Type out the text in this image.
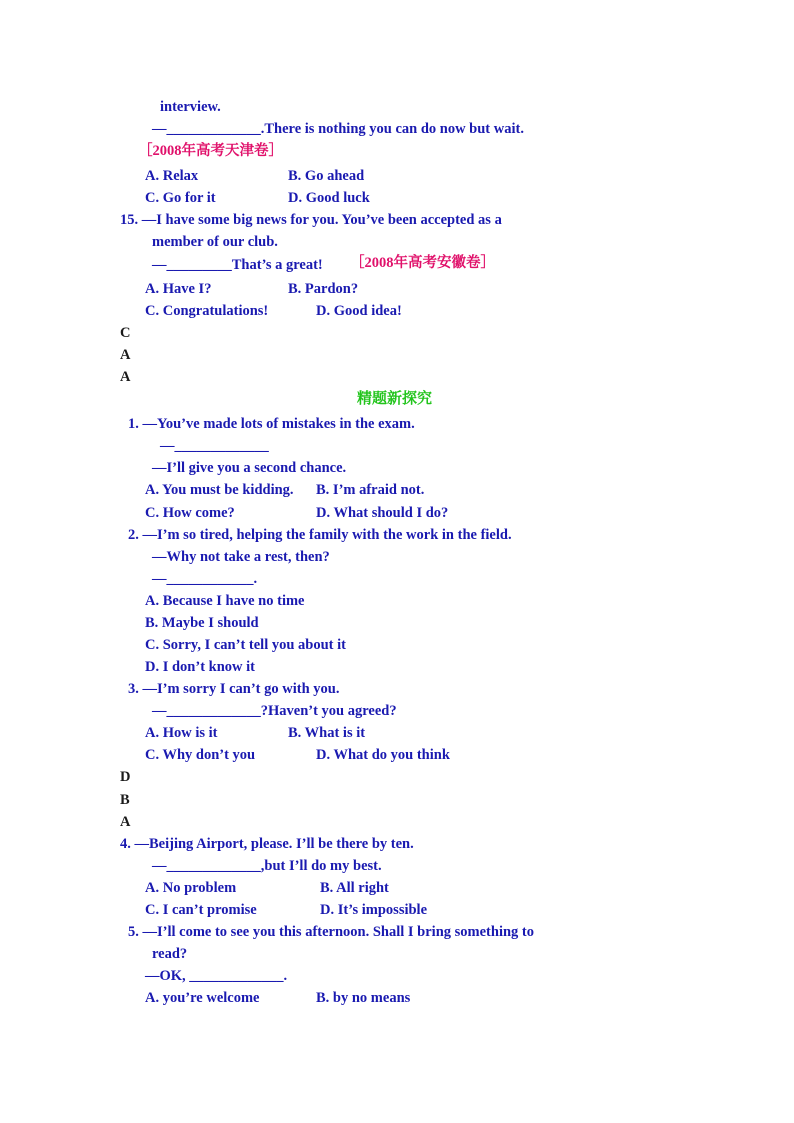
interview.
—_____________.There is nothing you can do now but wait.
［2008年高考天津卷］
A. Relax	B. Go ahead
C. Go for it	D. Good luck
15. —I have some big news for you. You’ve been accepted as a
member of our club.
—_________That’s a great! ［2008年高考安徽卷］
A. Have I?	B. Pardon?
C. Congratulations!	D. Good idea!
C
A
A
精题新探究
1. —You’ve made lots of mistakes in the exam.
—_____________
—I’ll give you a second chance.
A. You must be kidding. B. I’m afraid not.
C. How come?	D. What should I do?
2. —I’m so tired, helping the family with the work in the field.
—Why not take a rest, then?
—____________.
A. Because I have no time
B. Maybe I should
C. Sorry, I can’t tell you about it
D. I don’t know it
3. —I’m sorry I can’t go with you.
—_____________?Haven’t you agreed?
A. How is it	B. What is it
C. Why don’t you	D. What do you think
D
B
A
4. —Beijing Airport, please. I’ll be there by ten.
—_____________,but I’ll do my best.
A. No problem	B. All right
C. I can’t promise	D. It’s impossible
5. —I’ll come to see you this afternoon. Shall I bring something to
read?
—OK, _____________.
A. you’re welcome	B. by no means
